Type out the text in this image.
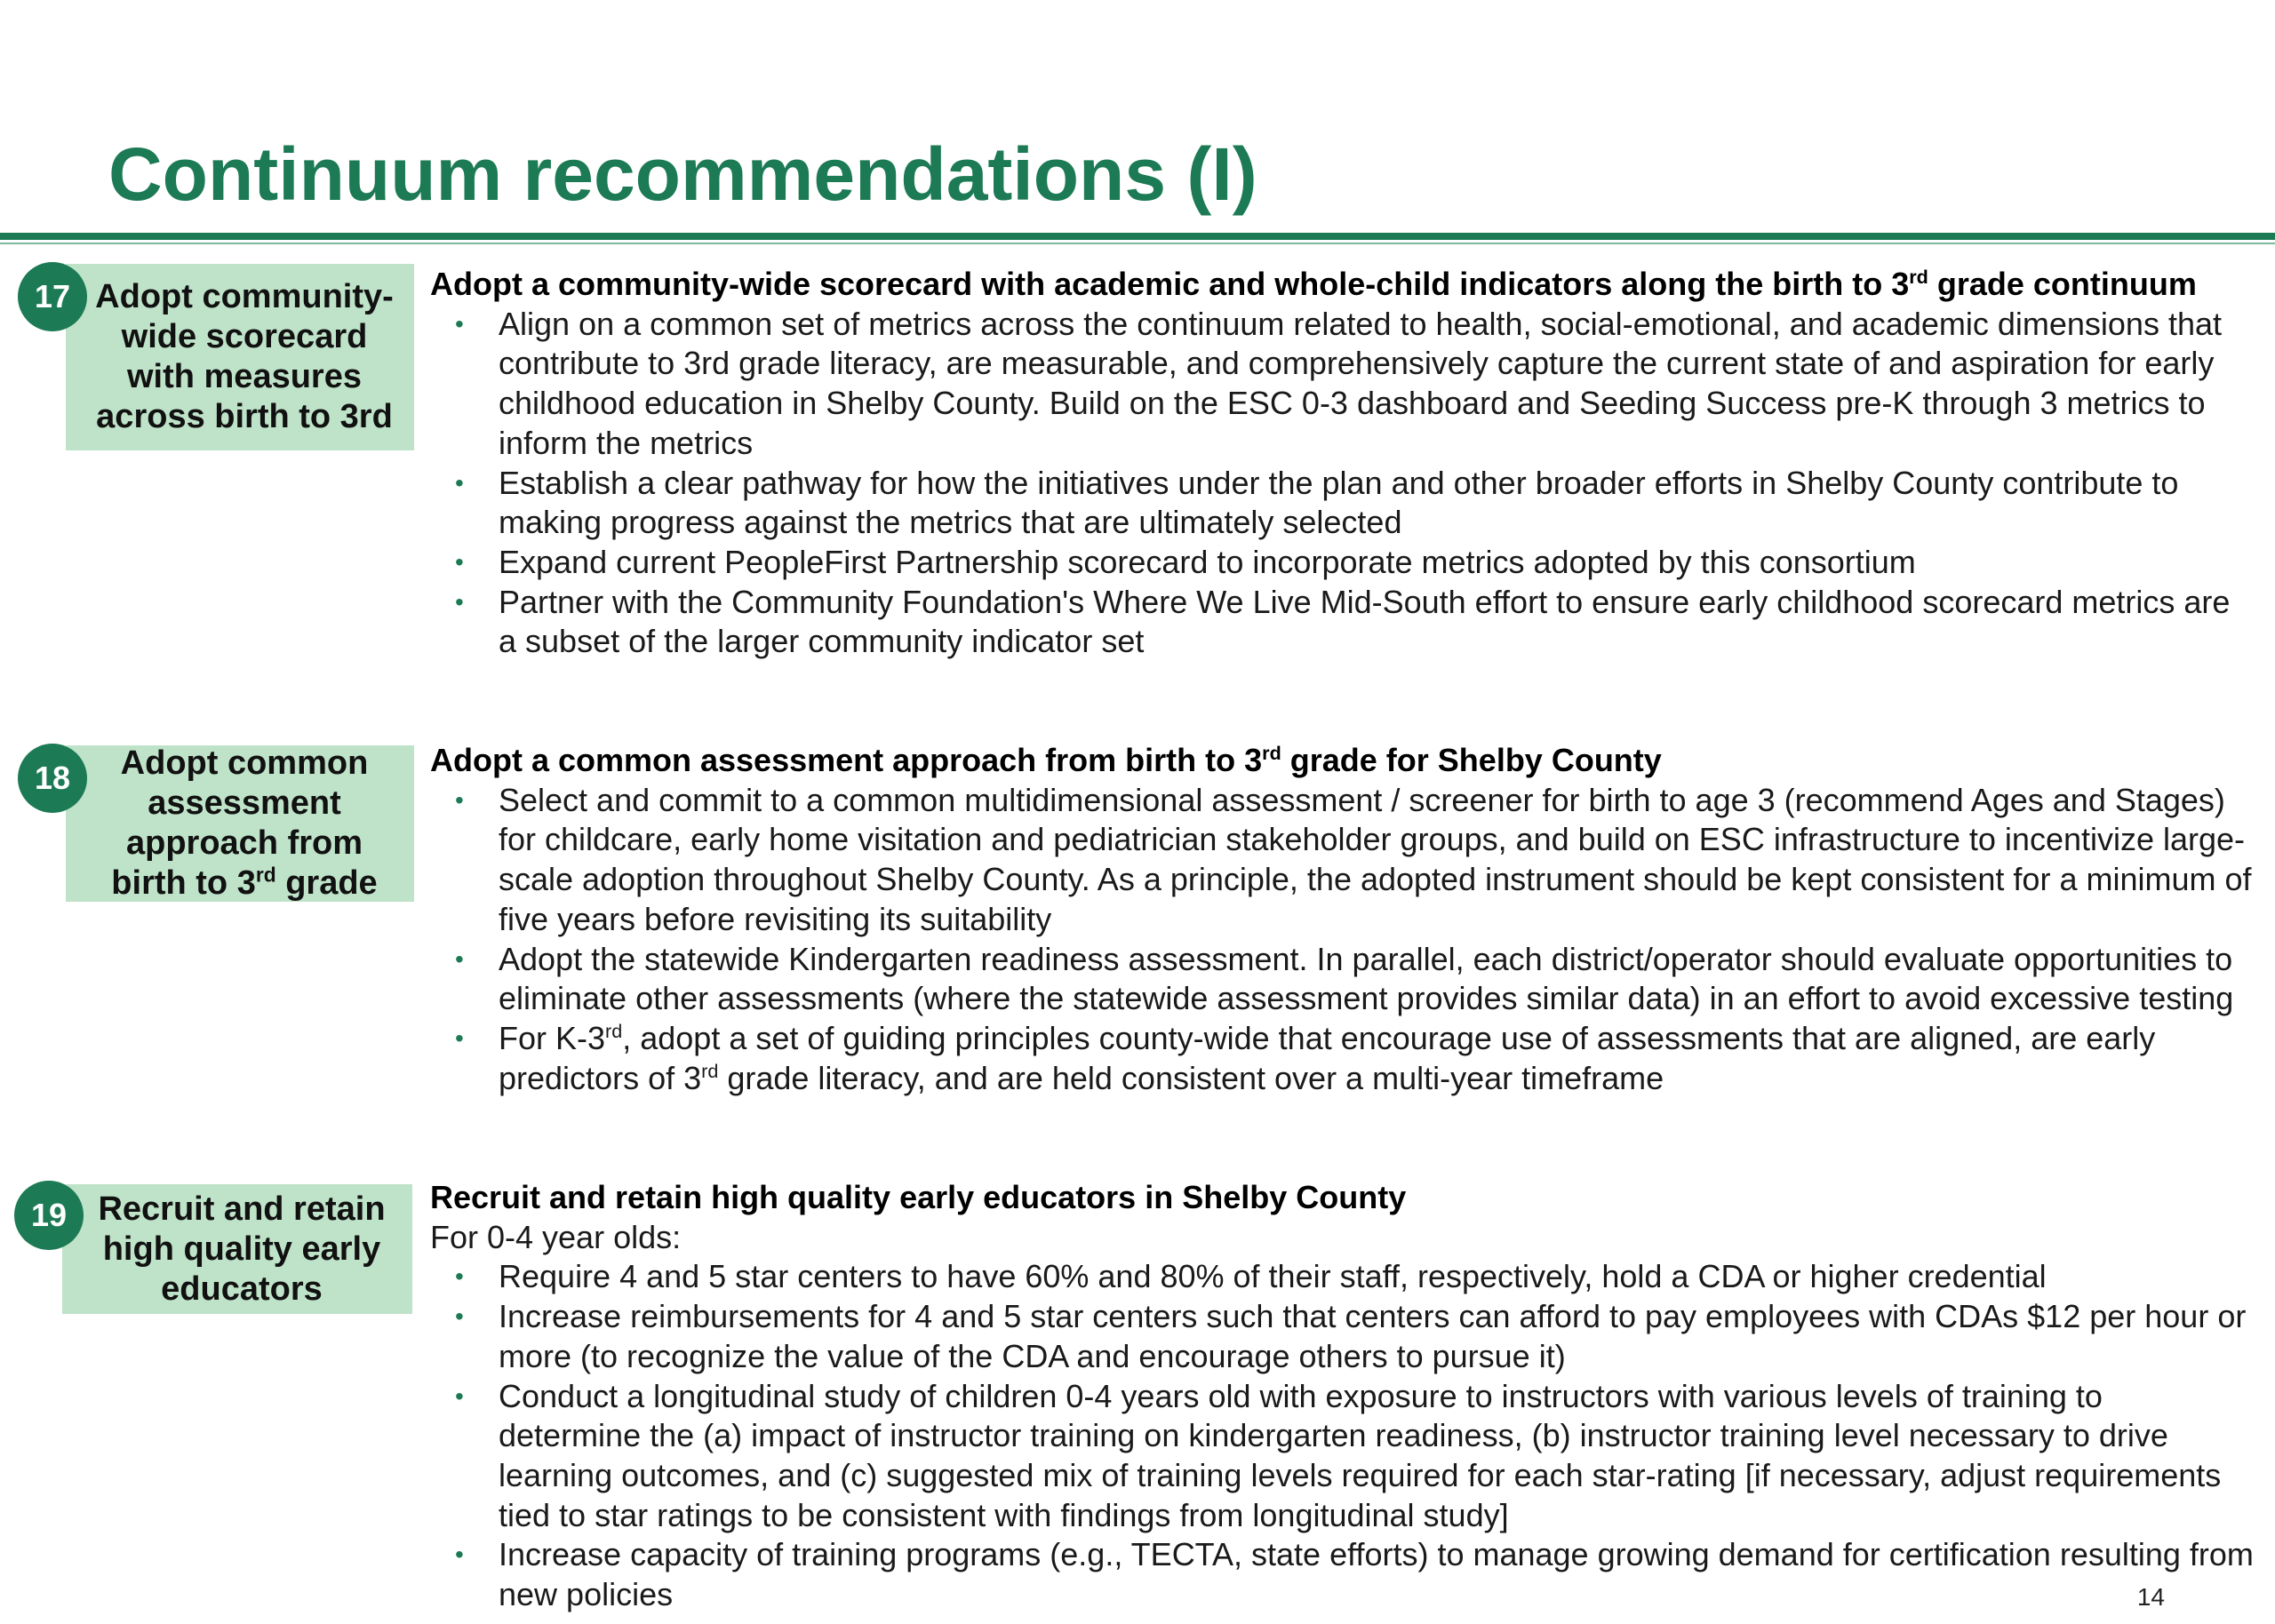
Continuum recommendations (I)
Adopt community-
wide scorecard
with measures
across birth to 3rd
17	Adopt a community-wide scorecard with academic and whole-child indicators along the birth to 3rd grade continuum

• Align on a common set of metrics across the continuum related to health, social-emotional, and academic dimensions that contribute to 3rd grade literacy, are measurable, and comprehensively capture the current state of and aspiration for early childhood education in Shelby County. Build on the ESC 0-3 dashboard and Seeding Success pre-K through 3 metrics to inform the metrics
• Establish a clear pathway for how the initiatives under the plan and other broader efforts in Shelby County contribute to making progress against the metrics that are ultimately selected
• Expand current PeopleFirst Partnership scorecard to incorporate metrics adopted by this consortium
• Partner with the Community Foundation's Where We Live Mid-South effort to ensure early childhood scorecard metrics are a subset of the larger community indicator set
Adopt common
assessment
approach from
birth to 3rd grade
18	Adopt a common assessment approach from birth to 3rd grade for Shelby County

• Select and commit to a common multidimensional assessment / screener for birth to age 3 (recommend Ages and Stages) for childcare, early home visitation and pediatrician stakeholder groups, and build on ESC infrastructure to incentivize large-scale adoption throughout Shelby County. As a principle, the adopted instrument should be kept consistent for a minimum of five years before revisiting its suitability
• Adopt the statewide Kindergarten readiness assessment. In parallel, each district/operator should evaluate opportunities to eliminate other assessments (where the statewide assessment provides similar data) in an effort to avoid excessive testing
• For K-3rd, adopt a set of guiding principles county-wide that encourage use of assessments that are aligned, are early predictors of 3rd grade literacy, and are held consistent over a multi-year timeframe
Recruit and retain
high quality early
educators
19	Recruit and retain high quality early educators in Shelby County

For 0-4 year olds:

• Require 4 and 5 star centers to have 60% and 80% of their staff, respectively, hold a CDA or higher credential
• Increase reimbursements for 4 and 5 star centers such that centers can afford to pay employees with CDAs $12 per hour or more (to recognize the value of the CDA and encourage others to pursue it)
• Conduct a longitudinal study of children 0-4 years old with exposure to instructors with various levels of training to determine the (a) impact of instructor training on kindergarten readiness, (b) instructor training level necessary to drive learning outcomes, and (c) suggested mix of training levels required for each star-rating [if necessary, adjust requirements tied to star ratings to be consistent with findings from longitudinal study]
• Increase capacity of training programs (e.g., TECTA, state efforts) to manage growing demand for certification resulting from new policies	14
